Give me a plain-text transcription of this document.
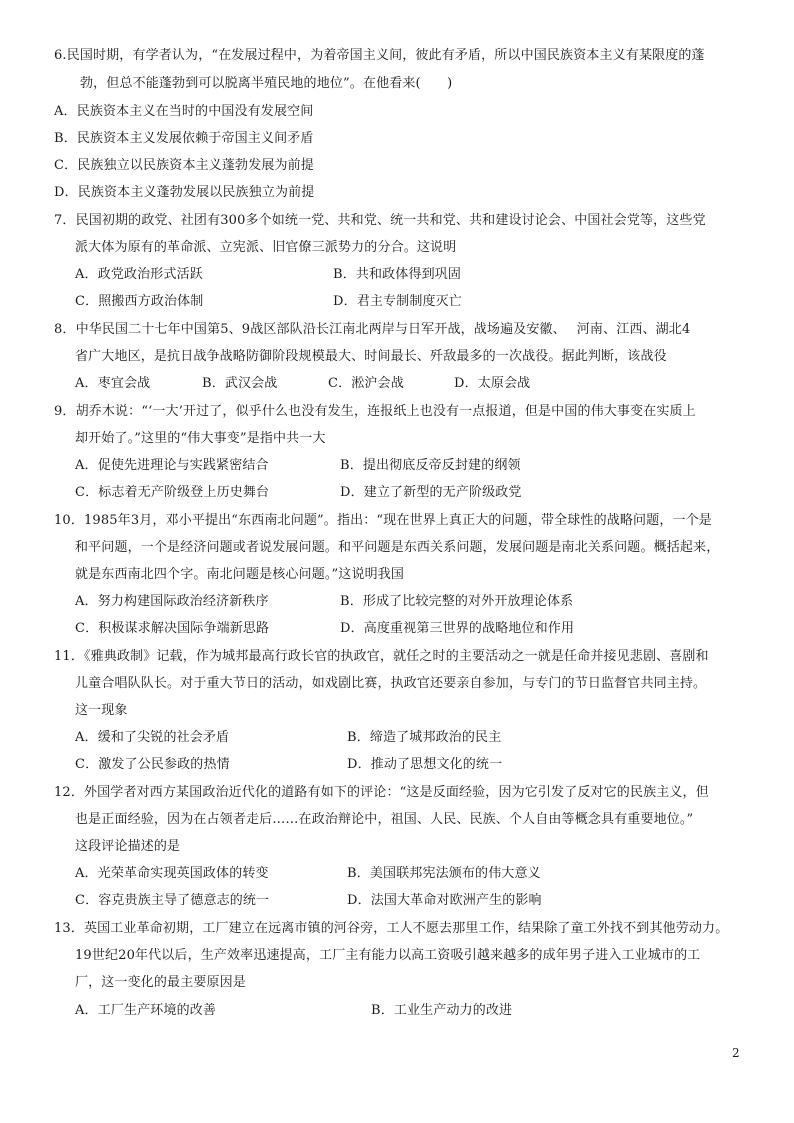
6.民国时期，有学者认为，“在发展过程中，为着帝国主义间，彼此有矛盾，所以中国民族资本主义有某限度的蓬
勃，但总不能蓬勃到可以脱离半殖民地的地位”。在他看来(　　)
A．民族资本主义在当时的中国没有发展空间
B．民族资本主义发展依赖于帝国主义间矛盾
C．民族独立以民族资本主义蓬勃发展为前提
D．民族资本主义蓬勃发展以民族独立为前提
7．民国初期的政党、社团有300多个如统一党、共和党、统一共和党、共和建设讨论会、中国社会党等，这些党
派大体为原有的革命派、立宪派、旧官僚三派势力的分合。这说明
A．政党政治形式活跃	B．共和政体得到巩固
C．照搬西方政治体制	D．君主专制制度灭亡
8．中华民国二十七年中国第5、9战区部队沿长江南北两岸与日军开战，战场遍及安徽、　 河南、江西、湖北4
省广大地区，是抗日战争战略防御阶段规模最大、时间最长、歼敌最多的一次战役。据此判断，该战役
A．枣宜会战	B．武汉会战	C．淞沪会战	D．太原会战
9．胡乔木说：“‘一大’开过了，似乎什么也没有发生，连报纸上也没有一点报道，但是中国的伟大事变在实质上
却开始了。”这里的“伟大事变”是指中共一大
A．促使先进理论与实践紧密结合	B．提出彻底反帝反封建的纲领
C．标志着无产阶级登上历史舞台	D．建立了新型的无产阶级政党
10．1985年3月，邓小平提出“东西南北问题”。指出：“现在世界上真正大的问题，带全球性的战略问题，一个是
和平问题，一个是经济问题或者说发展问题。和平问题是东西关系问题，发展问题是南北关系问题。概括起来，
就是东西南北四个字。南北问题是核心问题。”这说明我国
A．努力构建国际政治经济新秩序	B．形成了比较完整的对外开放理论体系
C．积极谋求解决国际争端新思路	D．高度重视第三世界的战略地位和作用
11．《雅典政制》记载，作为城邦最高行政长官的执政官，就任之时的主要活动之一就是任命并接见悲剧、喜剧和
儿童合唱队队长。对于重大节日的活动，如戏剧比赛，执政官还要亲自参加，与专门的节日监督官共同主持。
这一现象
A．缓和了尖锐的社会矛盾	B．缔造了城邦政治的民主
C．激发了公民参政的热情	D．推动了思想文化的统一
12．外国学者对西方某国政治近代化的道路有如下的评论：“这是反面经验，因为它引发了反对它的民族主义，但
也是正面经验，因为在占领者走后……在政治辩论中，祖国、人民、民族、个人自由等概念具有重要地位。”
这段评论描述的是
A．光荣革命实现英国政体的转变	B．美国联邦宪法颁布的伟大意义
C．容克贵族主导了德意志的统一	D．法国大革命对欧洲产生的影响
13．英国工业革命初期，工厂建立在远离市镇的河谷旁，工人不愿去那里工作，结果除了童工外找不到其他劳动力。
19世纪20年代以后，生产效率迅速提高，工厂主有能力以高工资吸引越来越多的成年男子进入工业城市的工
厂，这一变化的最主要原因是
A．工厂生产环境的改善	B．工业生产动力的改进
2
